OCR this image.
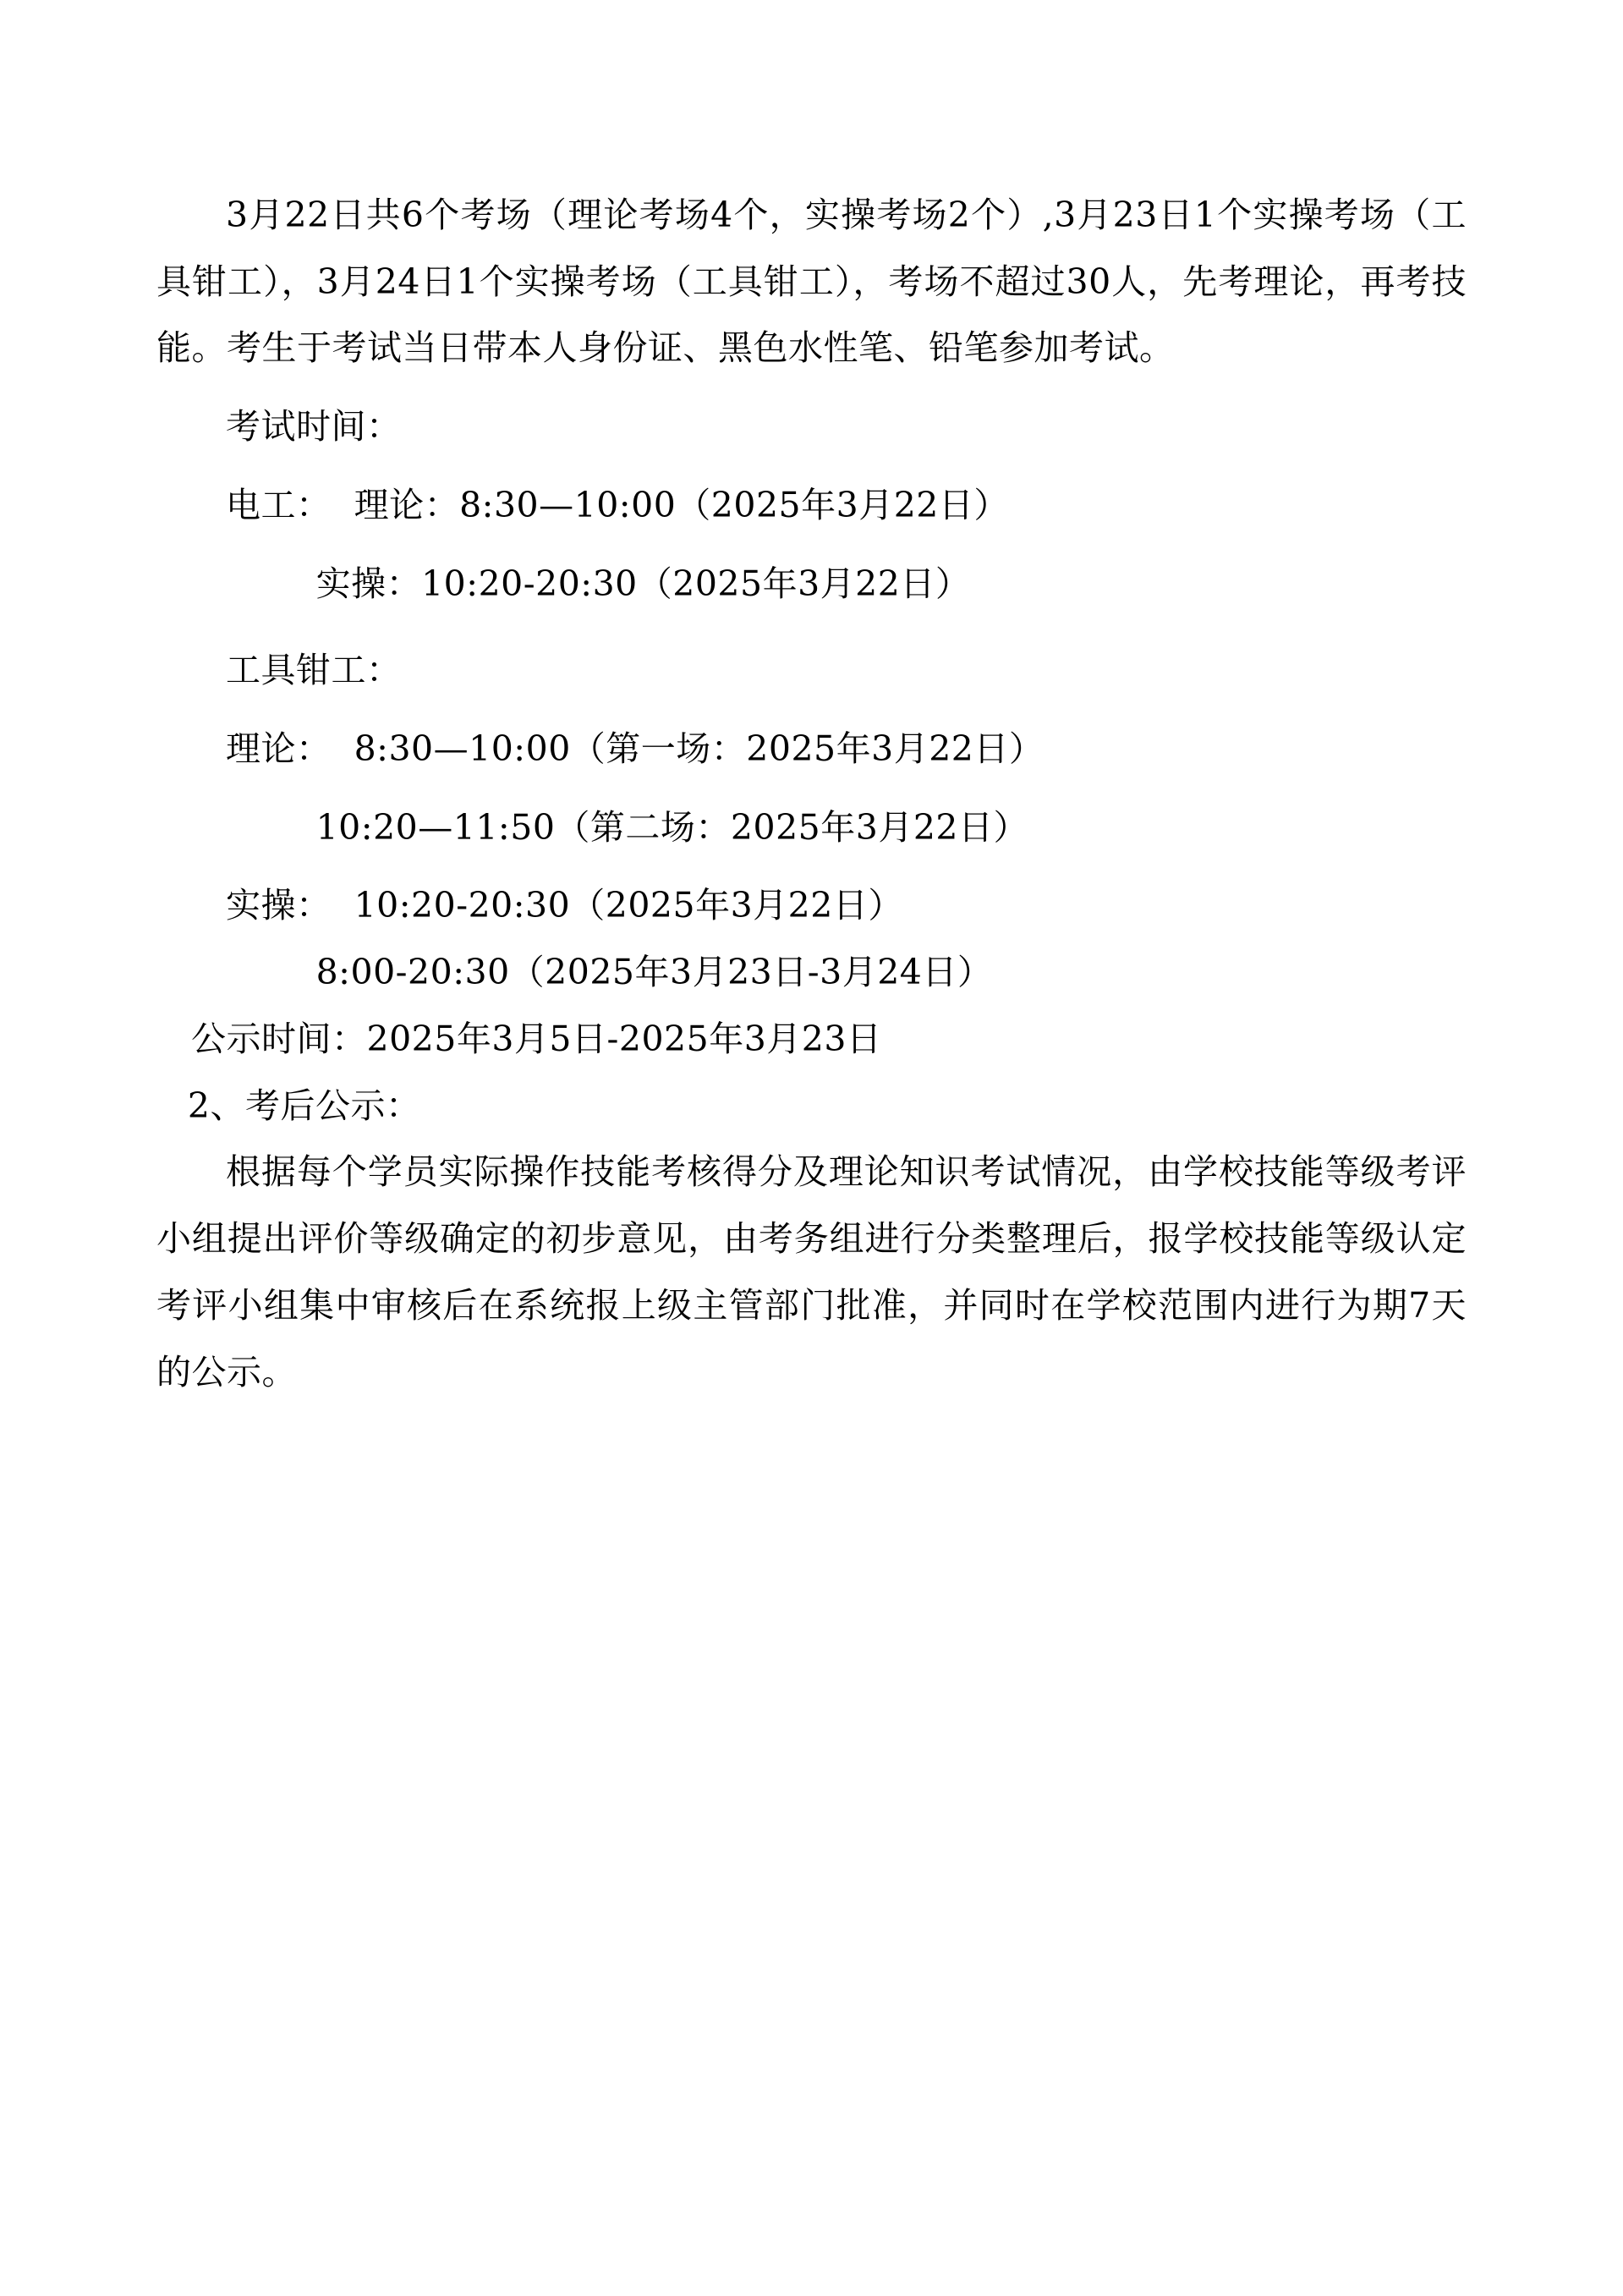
3月22日共6个考场（理论考场4个，实操考场2个）,3月23日1个实操考场（工具钳工），3月24日1个实操考场（工具钳工），考场不超过30人，先考理论，再考技能。考生于考试当日带本人身份证、黑色水性笔、铅笔参加考试。

考试时间：

电工：  理论：8:30—10:00（2025年3月22日）

实操：10:20-20:30（2025年3月22日）

工具钳工：

理论：  8:30—10:00（第一场：2025年3月22日）

10:20—11:50（第二场：2025年3月22日）

实操：  10:20-20:30（2025年3月22日）

8:00-20:30（2025年3月23日-3月24日）

公示时间：2025年3月5日-2025年3月23日

2、考后公示：

根据每个学员实际操作技能考核得分及理论知识考试情况，由学校技能等级考评小组提出评价等级确定的初步意见，由考务组进行分类整理后，报学校技能等级认定考评小组集中审核后在系统报上级主管部门批准，并同时在学校范围内进行为期7天的公示。
